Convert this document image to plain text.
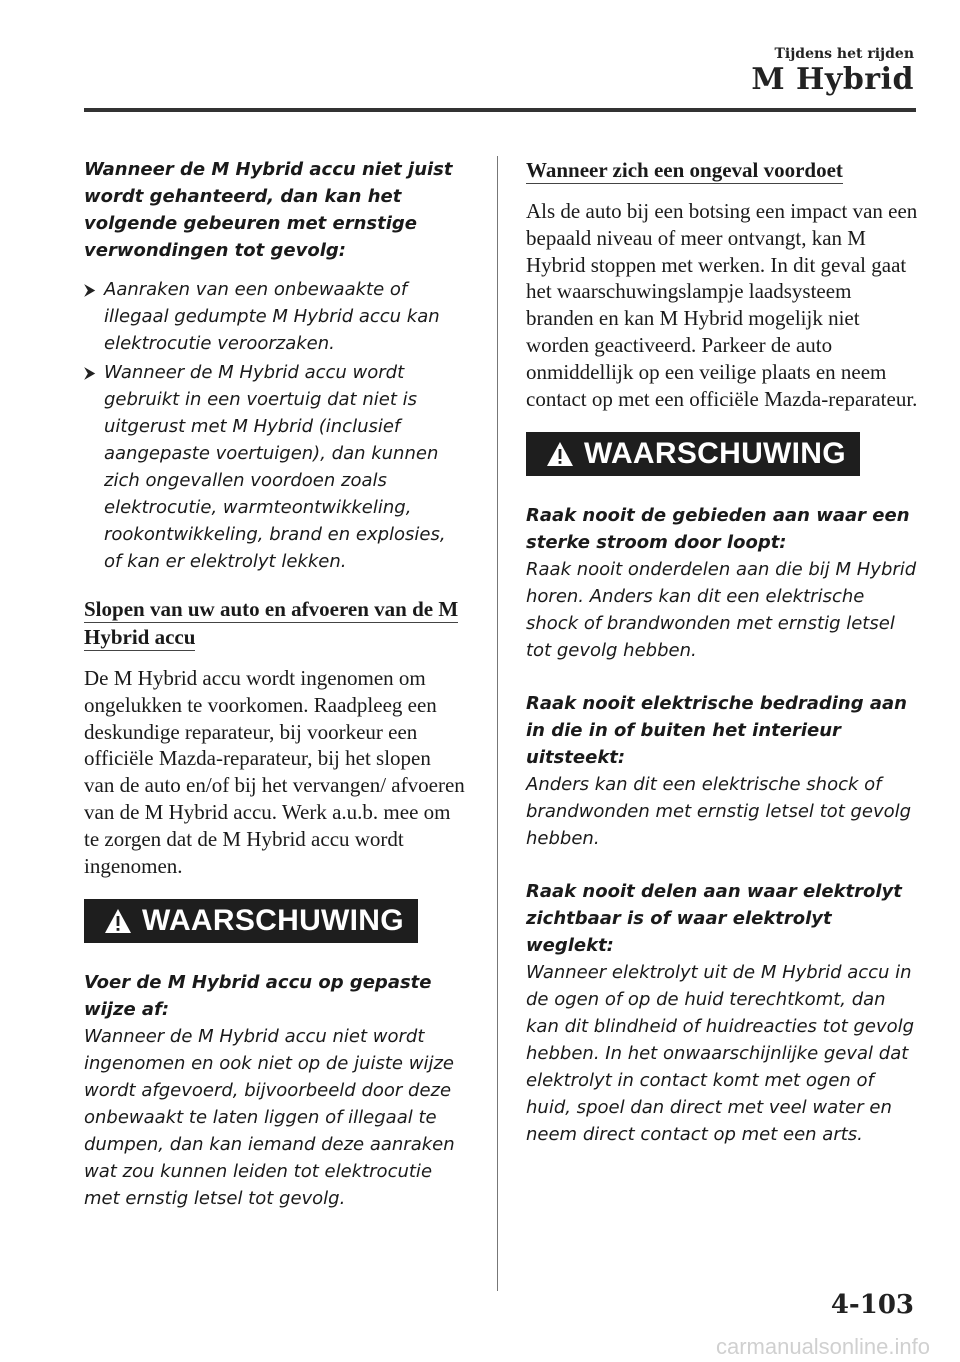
Tijdens het rijden
M Hybrid

Wanneer de M Hybrid accu niet juist wordt gehanteerd, dan kan het volgende gebeuren met ernstige verwondingen tot gevolg:

⮞ Aanraken van een onbewaakte of illegaal gedumpte M Hybrid accu kan elektrocutie veroorzaken.
⮞ Wanneer de M Hybrid accu wordt gebruikt in een voertuig dat niet is uitgerust met M Hybrid (inclusief aangepaste voertuigen), dan kunnen zich ongevallen voordoen zoals elektrocutie, warmteontwikkeling, rookontwikkeling, brand en explosies, of kan er elektrolyt lekken.

Slopen van uw auto en afvoeren van de M Hybrid accu

De M Hybrid accu wordt ingenomen om ongelukken te voorkomen. Raadpleeg een deskundige reparateur, bij voorkeur een officiële Mazda-reparateur, bij het slopen van de auto en/of bij het vervangen/ afvoeren van de M Hybrid accu. Werk a.u.b. mee om te zorgen dat de M Hybrid accu wordt ingenomen.

WAARSCHUWING

Voer de M Hybrid accu op gepaste wijze af:

Wanneer de M Hybrid accu niet wordt ingenomen en ook niet op de juiste wijze wordt afgevoerd, bijvoorbeeld door deze onbewaakt te laten liggen of illegaal te dumpen, dan kan iemand deze aanraken wat zou kunnen leiden tot elektrocutie met ernstig letsel tot gevolg.

Wanneer zich een ongeval voordoet

Als de auto bij een botsing een impact van een bepaald niveau of meer ontvangt, kan M Hybrid stoppen met werken. In dit geval gaat het waarschuwingslampje laadsysteem branden en kan M Hybrid mogelijk niet worden geactiveerd. Parkeer de auto onmiddellijk op een veilige plaats en neem contact op met een officiële Mazda-reparateur.

WAARSCHUWING

Raak nooit de gebieden aan waar een sterke stroom door loopt:

Raak nooit onderdelen aan die bij M Hybrid horen. Anders kan dit een elektrische shock of brandwonden met ernstig letsel tot gevolg hebben.

Raak nooit elektrische bedrading aan in die in of buiten het interieur uitsteekt:

Anders kan dit een elektrische shock of brandwonden met ernstig letsel tot gevolg hebben.

Raak nooit delen aan waar elektrolyt zichtbaar is of waar elektrolyt weglekt:

Wanneer elektrolyt uit de M Hybrid accu in de ogen of op de huid terechtkomt, dan kan dit blindheid of huidreacties tot gevolg hebben. In het onwaarschijnlijke geval dat elektrolyt in contact komt met ogen of huid, spoel dan direct met veel water en neem direct contact op met een arts.

4-103
carmanualsonline.info
